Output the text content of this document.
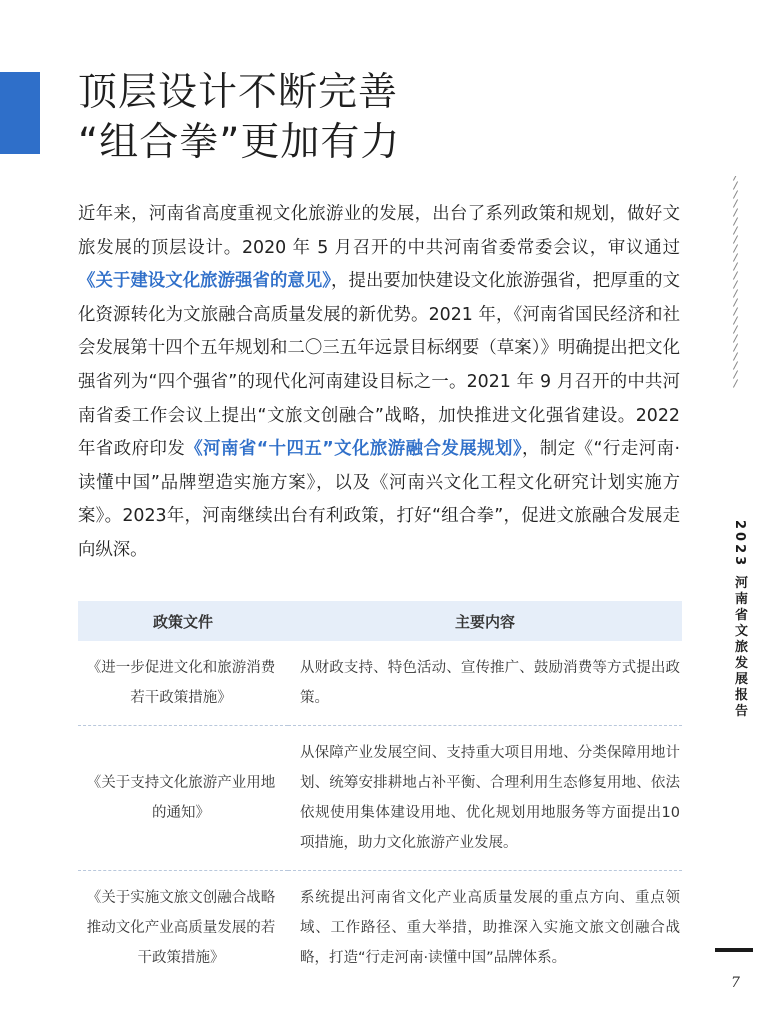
顶层设计不断完善
“组合拳”更加有力
2023 河南省文旅发展报告

近年来，河南省高度重视文化旅游业的发展，出台了系列政策和规划，做好文旅发展的顶层设计。2020 年 5 月召开的中共河南省委常委会议，审议通过《关于建设文化旅游强省的意见》，提出要加快建设文化旅游强省，把厚重的文化资源转化为文旅融合高质量发展的新优势。2021 年，《河南省国民经济和社会发展第十四个五年规划和二〇三五年远景目标纲要（草案）》明确提出把文化强省列为“四个强省”的现代化河南建设目标之一。2021 年 9 月召开的中共河南省委工作会议上提出“文旅文创融合”战略，加快推进文化强省建设。2022 年省政府印发《河南省“十四五”文化旅游融合发展规划》，制定《“行走河南·读懂中国”品牌塑造实施方案》，以及《河南兴文化工程文化研究计划实施方案》。2023年，河南继续出台有利政策，打好“组合拳”，促进文旅融合发展走向纵深。

政策文件	主要内容
《进一步促进文化和旅游消费若干政策措施》	从财政支持、特色活动、宣传推广、鼓励消费等方式提出政策。
《关于支持文化旅游产业用地的通知》	从保障产业发展空间、支持重大项目用地、分类保障用地计划、统筹安排耕地占补平衡、合理利用生态修复用地、依法依规使用集体建设用地、优化规划用地服务等方面提出10项措施，助力文化旅游产业发展。
《关于实施文旅文创融合战略推动文化产业高质量发展的若干政策措施》	系统提出河南省文化产业高质量发展的重点方向、重点领域、工作路径、重大举措，助推深入实施文旅文创融合战略，打造“行走河南·读懂中国”品牌体系。
7
